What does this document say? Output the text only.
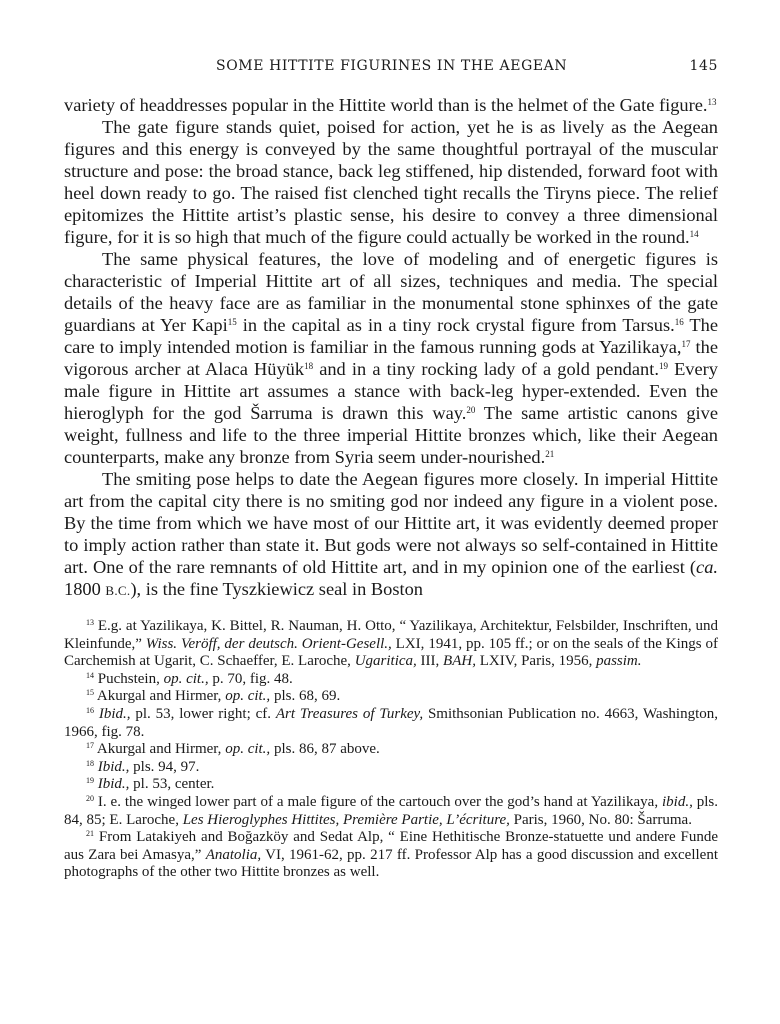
SOME HITTITE FIGURINES IN THE AEGEAN	145

variety of headdresses popular in the Hittite world than is the helmet of the Gate figure.$^{13}$

The gate figure stands quiet, poised for action, yet he is as lively as the Aegean figures and this energy is conveyed by the same thoughtful portrayal of the muscular structure and pose: the broad stance, back leg stiffened, hip distended, forward foot with heel down ready to go. The raised fist clenched tight recalls the Tiryns piece. The relief epitomizes the Hittite artist’s plastic sense, his desire to convey a three dimensional figure, for it is so high that much of the figure could actually be worked in the round.$^{14}$

The same physical features, the love of modeling and of energetic figures is characteristic of Imperial Hittite art of all sizes, techniques and media. The special details of the heavy face are as familiar in the monumental stone sphinxes of the gate guardians at Yer Kapi$^{15}$ in the capital as in a tiny rock crystal figure from Tarsus.$^{16}$ The care to imply intended motion is familiar in the famous running gods at Yazilikaya,$^{17}$ the vigorous archer at Alaca Hüyük$^{18}$ and in a tiny rocking lady of a gold pendant.$^{19}$ Every male figure in Hittite art assumes a stance with back-leg hyper-extended. Even the hieroglyph for the god Šarruma is drawn this way.$^{20}$ The same artistic canons give weight, fullness and life to the three imperial Hittite bronzes which, like their Aegean counterparts, make any bronze from Syria seem under-nourished.$^{21}$

The smiting pose helps to date the Aegean figures more closely. In imperial Hittite art from the capital city there is no smiting god nor indeed any figure in a violent pose. By the time from which we have most of our Hittite art, it was evidently deemed proper to imply action rather than state it. But gods were not always so self-contained in Hittite art. One of the rare remnants of old Hittite art, and in my opinion one of the earliest (ca. 1800 B.C.), is the fine Tyszkiewicz seal in Boston

$^{13}$ E.g. at Yazilikaya, K. Bittel, R. Nauman, H. Otto, “ Yazilikaya, Architektur, Felsbilder, Inschriften, und Kleinfunde,” Wiss. Veröff, der deutsch. Orient-Gesell., LXI, 1941, pp. 105 ff.; or on the seals of the Kings of Carchemish at Ugarit, C. Schaeffer, E. Laroche, Ugaritica, III, BAH, LXIV, Paris, 1956, passim.

$^{14}$ Puchstein, op. cit., p. 70, fig. 48.

$^{15}$ Akurgal and Hirmer, op. cit., pls. 68, 69.

$^{16}$ Ibid., pl. 53, lower right; cf. Art Treasures of Turkey, Smithsonian Publication no. 4663, Washington, 1966, fig. 78.

$^{17}$ Akurgal and Hirmer, op. cit., pls. 86, 87 above.

$^{18}$ Ibid., pls. 94, 97.

$^{19}$ Ibid., pl. 53, center.

$^{20}$ I. e. the winged lower part of a male figure of the cartouch over the god’s hand at Yazilikaya, ibid., pls. 84, 85; E. Laroche, Les Hieroglyphes Hittites, Première Partie, L’écriture, Paris, 1960, No. 80: Šarruma.

$^{21}$ From Latakiyeh and Boğazköy and Sedat Alp, “ Eine Hethitische Bronze-statuette und andere Funde aus Zara bei Amasya,” Anatolia, VI, 1961-62, pp. 217 ff. Professor Alp has a good discussion and excellent photographs of the other two Hittite bronzes as well.
